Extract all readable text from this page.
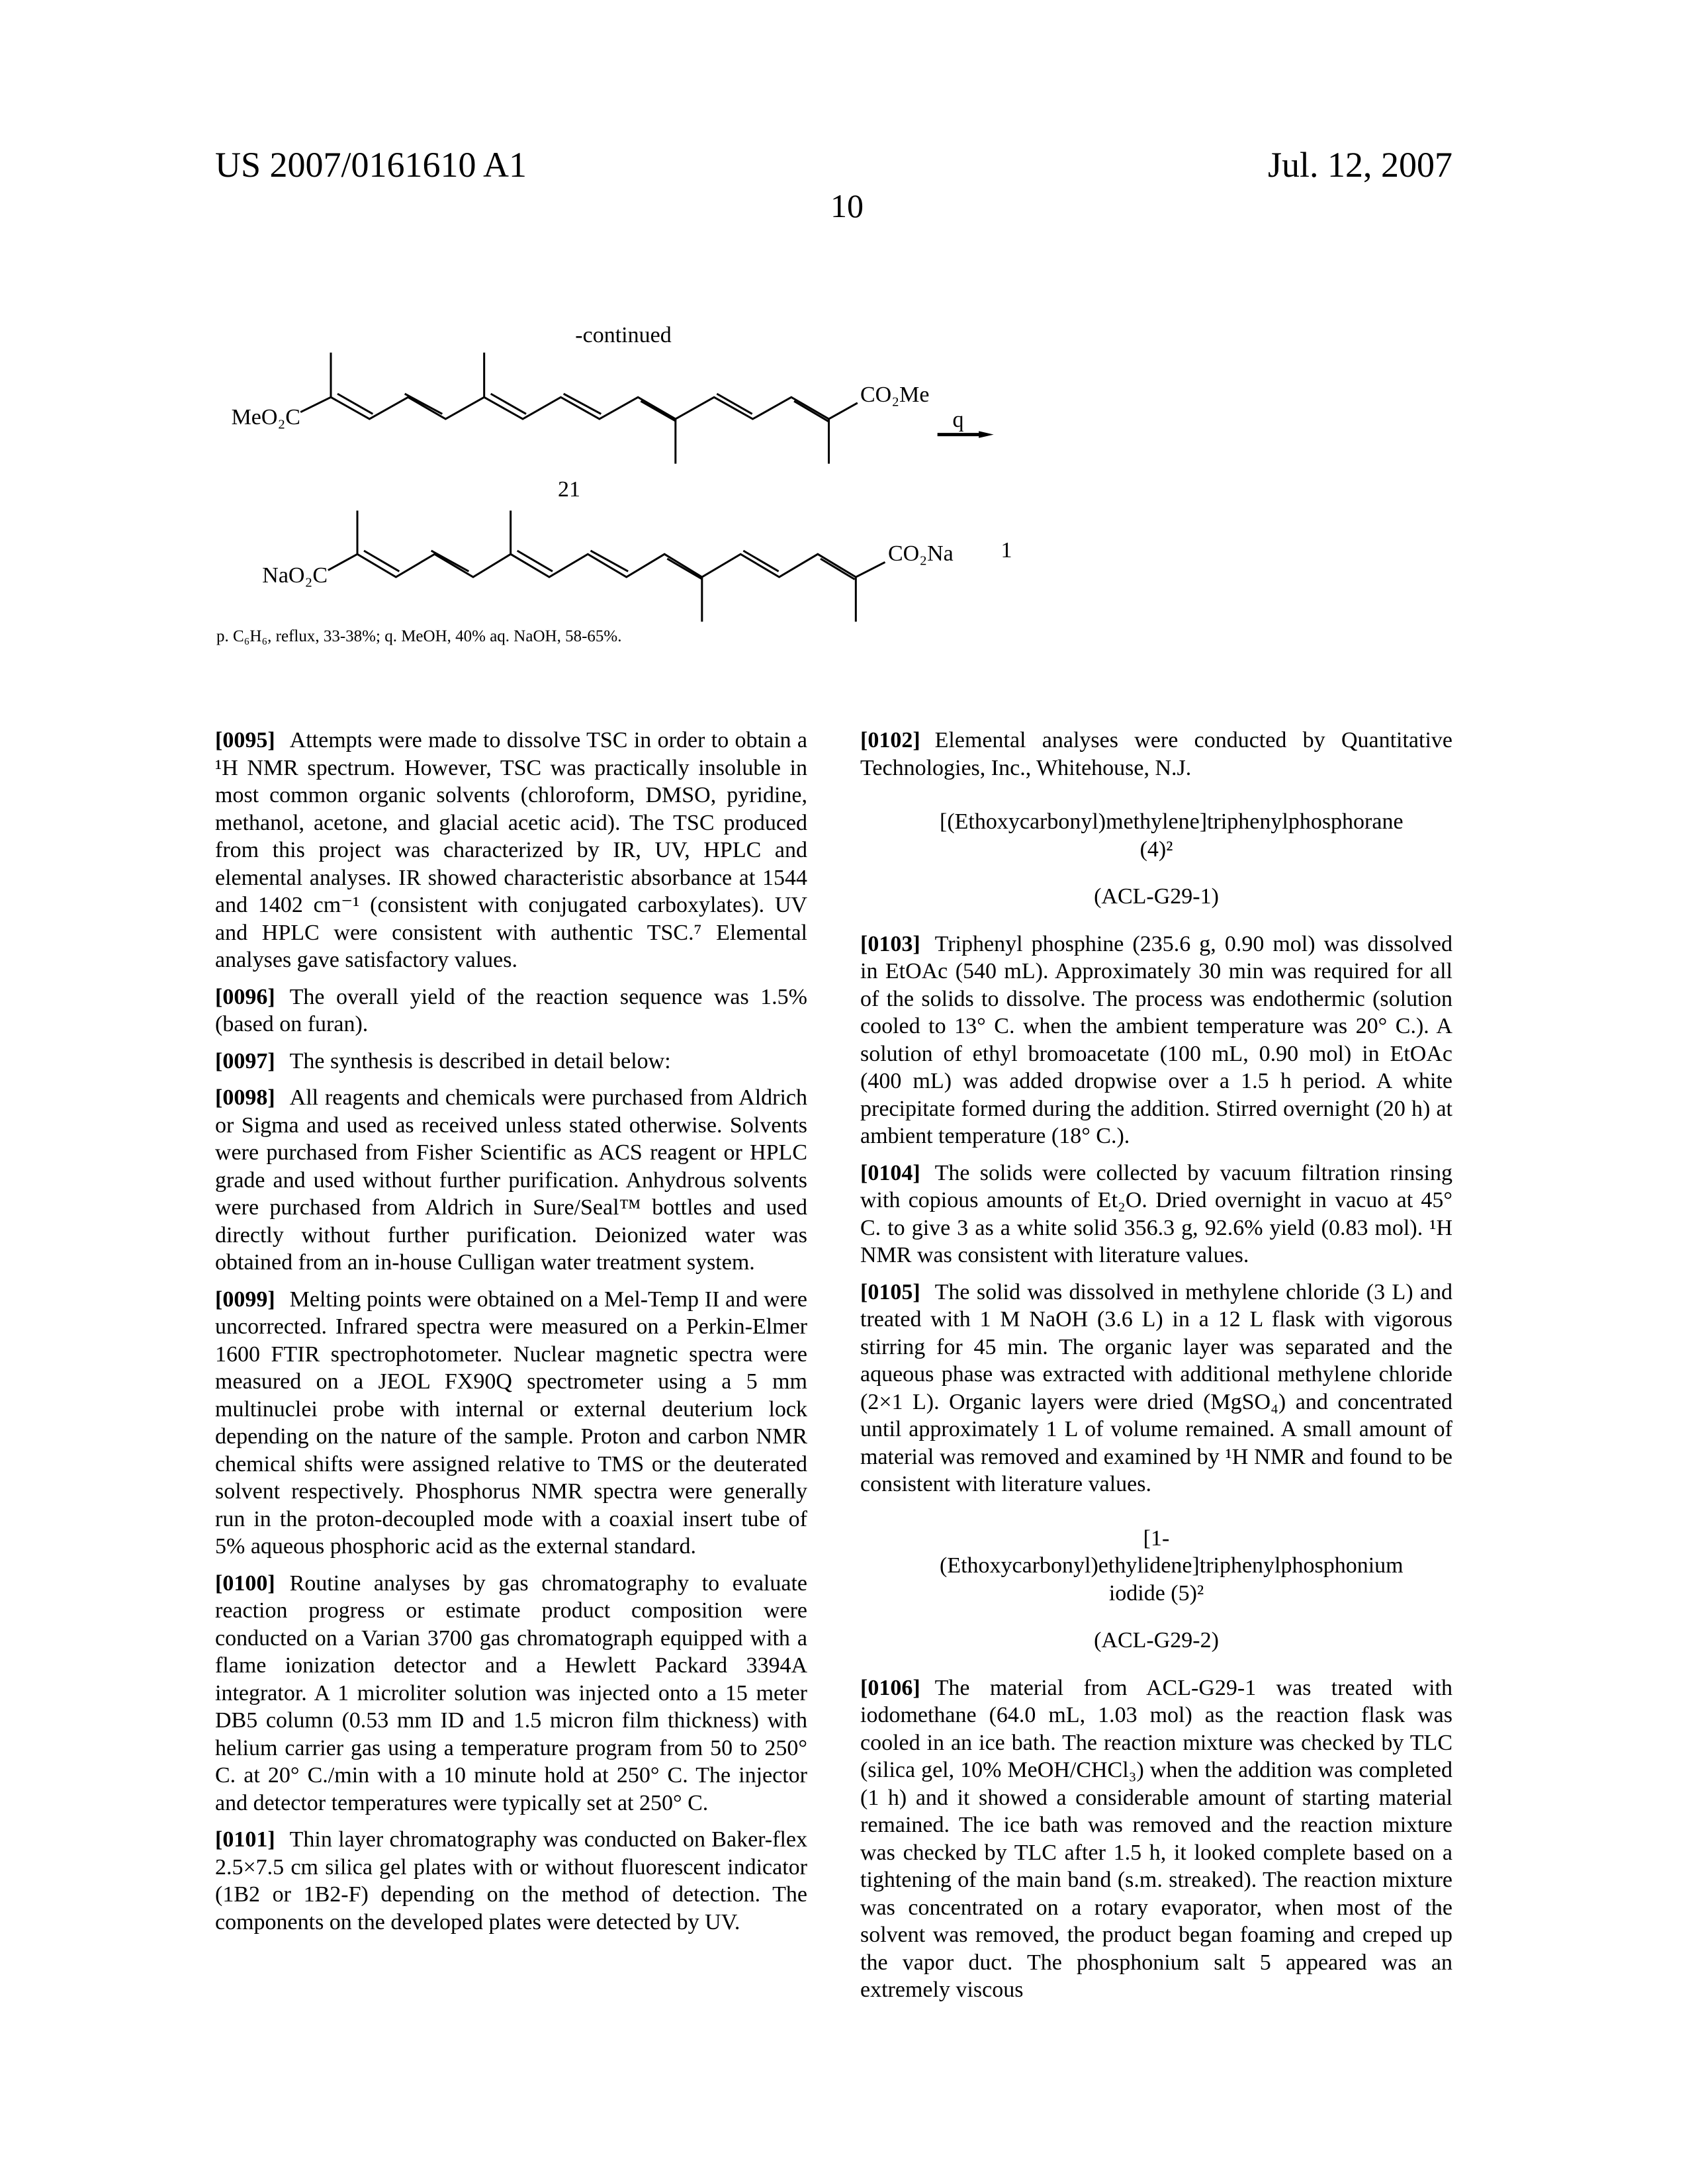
US 2007/0161610 A1	Jul. 12, 2007
10
-continued
MeO₂C
CO₂Me
q
21
NaO₂C
CO₂Na 1
p. C₆H₆, reflux, 33-38%; q. MeOH, 40% aq. NaOH, 58-65%.
[0095] Attempts were made to dissolve TSC in order to obtain a ¹H NMR spectrum. However, TSC was practically insoluble in most common organic solvents (chloroform, DMSO, pyridine, methanol, acetone, and glacial acetic acid). The TSC produced from this project was characterized by IR, UV, HPLC and elemental analyses. IR showed characteristic absorbance at 1544 and 1402 cm⁻¹ (consistent with conjugated carboxylates). UV and HPLC were consistent with authentic TSC.⁷ Elemental analyses gave satisfactory values.
[0096] The overall yield of the reaction sequence was 1.5% (based on furan).
[0097] The synthesis is described in detail below:
[0098] All reagents and chemicals were purchased from Aldrich or Sigma and used as received unless stated otherwise. Solvents were purchased from Fisher Scientific as ACS reagent or HPLC grade and used without further purification. Anhydrous solvents were purchased from Aldrich in Sure/Seal™ bottles and used directly without further purification. Deionized water was obtained from an in-house Culligan water treatment system.
[0099] Melting points were obtained on a Mel-Temp II and were uncorrected. Infrared spectra were measured on a Perkin-Elmer 1600 FTIR spectrophotometer. Nuclear magnetic spectra were measured on a JEOL FX90Q spectrometer using a 5 mm multinuclei probe with internal or external deuterium lock depending on the nature of the sample. Proton and carbon NMR chemical shifts were assigned relative to TMS or the deuterated solvent respectively. Phosphorus NMR spectra were generally run in the proton-decoupled mode with a coaxial insert tube of 5% aqueous phosphoric acid as the external standard.
[0100] Routine analyses by gas chromatography to evaluate reaction progress or estimate product composition were conducted on a Varian 3700 gas chromatograph equipped with a flame ionization detector and a Hewlett Packard 3394A integrator. A 1 microliter solution was injected onto a 15 meter DB5 column (0.53 mm ID and 1.5 micron film thickness) with helium carrier gas using a temperature program from 50 to 250° C. at 20° C./min with a 10 minute hold at 250° C. The injector and detector temperatures were typically set at 250° C.
[0101] Thin layer chromatography was conducted on Baker-flex 2.5×7.5 cm silica gel plates with or without fluorescent indicator (1B2 or 1B2-F) depending on the method of detection. The components on the developed plates were detected by UV.
[0102] Elemental analyses were conducted by Quantitative Technologies, Inc., Whitehouse, N.J.
[(Ethoxycarbonyl)methylene]triphenylphosphorane (4)²
(ACL-G29-1)
[0103] Triphenyl phosphine (235.6 g, 0.90 mol) was dissolved in EtOAc (540 mL). Approximately 30 min was required for all of the solids to dissolve. The process was endothermic (solution cooled to 13° C. when the ambient temperature was 20° C.). A solution of ethyl bromoacetate (100 mL, 0.90 mol) in EtOAc (400 mL) was added dropwise over a 1.5 h period. A white precipitate formed during the addition. Stirred overnight (20 h) at ambient temperature (18° C.).
[0104] The solids were collected by vacuum filtration rinsing with copious amounts of Et₂O. Dried overnight in vacuo at 45° C. to give 3 as a white solid 356.3 g, 92.6% yield (0.83 mol). ¹H NMR was consistent with literature values.
[0105] The solid was dissolved in methylene chloride (3 L) and treated with 1 M NaOH (3.6 L) in a 12 L flask with vigorous stirring for 45 min. The organic layer was separated and the aqueous phase was extracted with additional methylene chloride (2×1 L). Organic layers were dried (MgSO₄) and concentrated until approximately 1 L of volume remained. A small amount of material was removed and examined by ¹H NMR and found to be consistent with literature values.
[1-(Ethoxycarbonyl)ethylidene]triphenylphosphonium iodide (5)²
(ACL-G29-2)
[0106] The material from ACL-G29-1 was treated with iodomethane (64.0 mL, 1.03 mol) as the reaction flask was cooled in an ice bath. The reaction mixture was checked by TLC (silica gel, 10% MeOH/CHCl₃) when the addition was completed (1 h) and it showed a considerable amount of starting material remained. The ice bath was removed and the reaction mixture was checked by TLC after 1.5 h, it looked complete based on a tightening of the main band (s.m. streaked). The reaction mixture was concentrated on a rotary evaporator, when most of the solvent was removed, the product began foaming and creped up the vapor duct. The phosphonium salt 5 appeared was an extremely viscous
